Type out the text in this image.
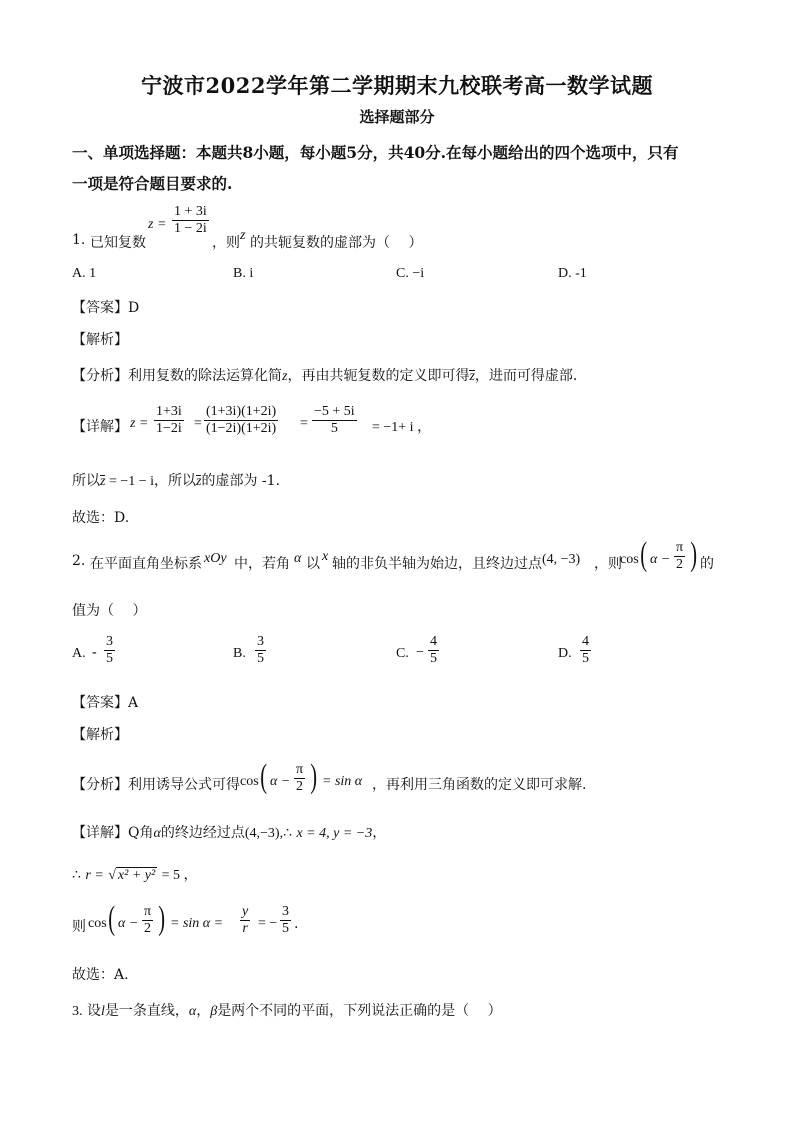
宁波市2022学年第二学期期末九校联考高一数学试题
选择题部分
一、单项选择题：本题共8小题，每小题5分，共40分.在每小题给出的四个选项中，只有
一项是符合题目要求的.
1. 已知复数
$z = \frac{1 + 3i}{1 - 2i}$
，则 z 的共轭复数的虚部为（　 ）
A. 1	B. i	C. −i	D. -1
【答案】D
【解析】
【分析】利用复数的除法运算化简z，再由共轭复数的定义即可得z，进而可得虚部.
【详解】 $z = \frac{1+3i}{1-2i} = \frac{(1+3i)(1+2i)}{(1-2i)(1+2i)} = \frac{-5 + 5i}{5} = -1+ i$ ，
所以z = −1 − i，所以z的虚部为 -1.
故选：D.
2. 在平面直角坐标系 xOy 中，若角 α 以 x 轴的非负半轴为始边，且终边过点 (4, −3) ，则
cos ( $\alpha - \frac{\pi}{2}$ ) 的
值为（　 ）
A. - $\frac{3}{5}$	B. $\frac{3}{5}$	C. − $\frac{4}{5}$	D. $\frac{4}{5}$
【答案】A
【解析】
【分析】 利用诱导公式可得 cos ( $\alpha - \frac{\pi}{2}$ ) = sin α ，再利用三角函数的定义即可求解.
【详解】Q角α的终边经过点(4,−3),∴ x = 4, y = −3，
∴ r = √ x² + y² = 5 ，
则 cos ( $\alpha - \frac{\pi}{2}$ ) = $\sin \alpha = \frac{y}{r}$ = − $\frac{3}{5}$ .
故选：A.
3. 设l是一条直线，α，β是两个不同的平面，下列说法正确的是（　 ）
